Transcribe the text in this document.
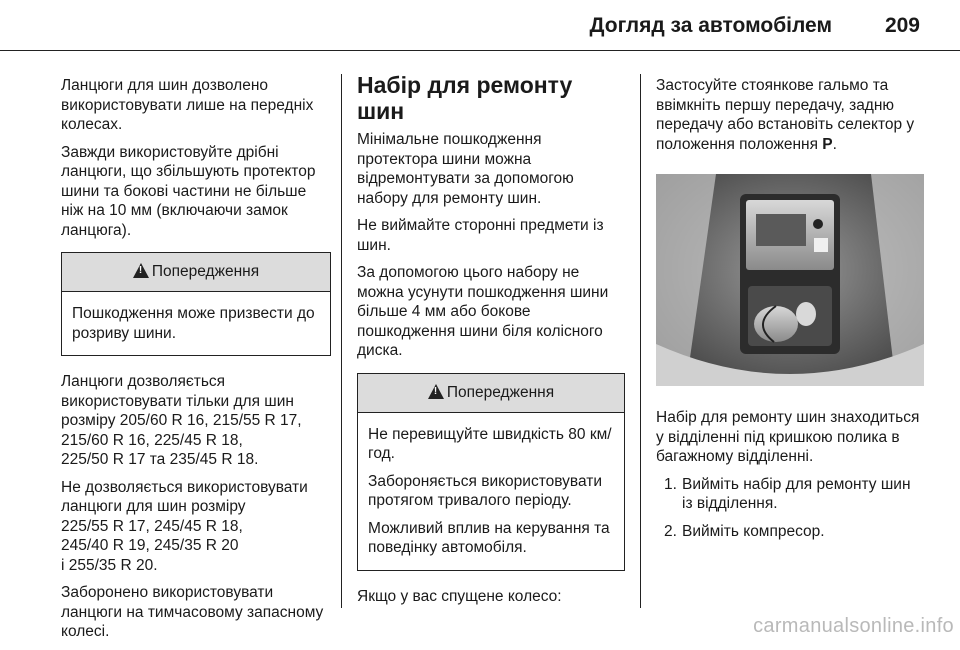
Догляд за автомобілем	209

Ланцюги для шин дозволено використовувати лише на передніх колесах.

Завжди використовуйте дрібні ланцюги, що збільшують протектор шини та бокові частини не більше ніж на 10 мм (включаючи замок ланцюга).

!Попередження

Пошкодження може призвести до розриву шини.

Ланцюги дозволяється
використовувати тільки для шин
розміру 205/60 R 16, 215/55 R 17,
215/60 R 16, 225/45 R 18,
225/50 R 17 та 235/45 R 18.

Не дозволяється використовувати
ланцюги для шин розміру
225/55 R 17, 245/45 R 18,
245/40 R 19, 245/35 R 20
і 255/35 R 20.

Заборонено використовувати ланцюги на тимчасовому запасному колесі.

Набір для ремонту шин

Мінімальне пошкодження протектора шини можна відремонтувати за допомогою набору для ремонту шин.

Не виймайте сторонні предмети із шин.

За допомогою цього набору не можна усунути пошкодження шини більше 4 мм або бокове пошкодження шини біля колісного диска.

!Попередження

Не перевищуйте швидкість 80 км/год.

Забороняється використовувати протягом тривалого періоду.

Можливий вплив на керування та поведінку автомобіля.

Якщо у вас спущене колесо:

Застосуйте стоянкове гальмо та ввімкніть першу передачу, задню передачу або встановіть селектор у положення положення P.

Набір для ремонту шин знаходиться у відділенні під кришкою полика в багажному відділенні.

1. Вийміть набір для ремонту шин із відділення.
2. Вийміть компресор.
carmanualsonline.info
